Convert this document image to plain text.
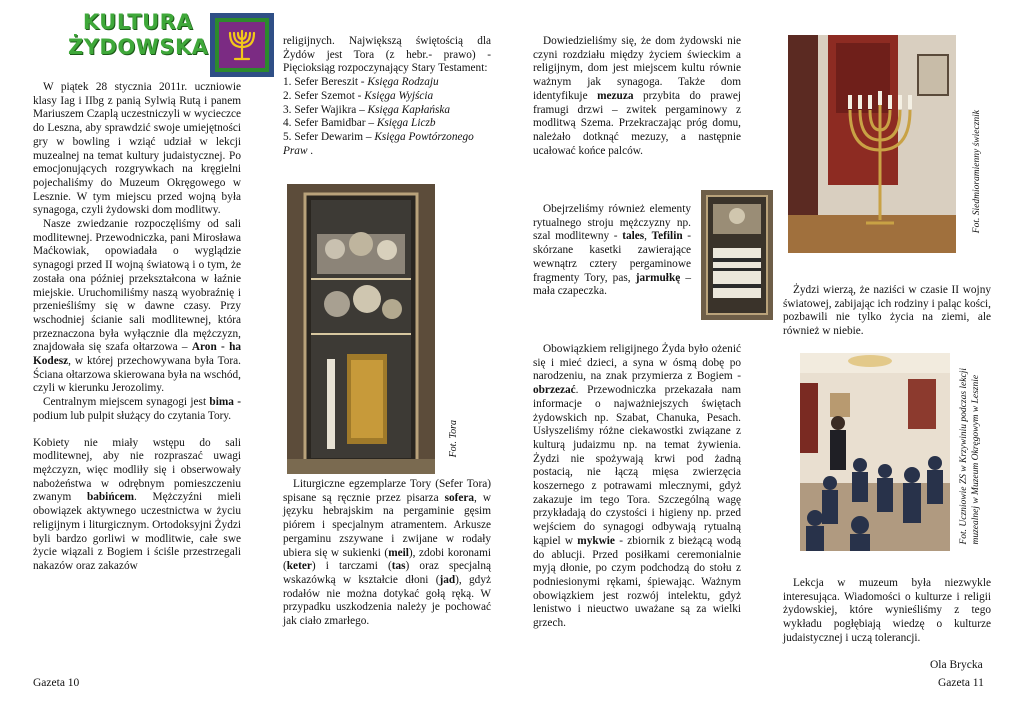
KULTURA
ŻYDOWSKA

W piątek 28 stycznia 2011r. uczniowie klasy Iag i IIbg z panią Sylwią Rutą i panem Mariuszem Czaplą uczestniczyli w wycieczce do Leszna, aby sprawdzić swoje umiejętności gry w bowling i wziąć udział w lekcji muzealnej na temat kultury judaistycznej. Po emocjonujących rozgrywkach na kręgielni pojechaliśmy do Muzeum Okręgowego w Lesznie. W tym miejscu przed wojną była synagoga, czyli żydowski dom modlitwy.

Nasze zwiedzanie rozpoczęliśmy od sali modlitewnej. Przewodniczka, pani Mirosława Maćkowiak, opowiadała o wyglądzie synagogi przed II wojną światową i o tym, że została ona później przekształcona w łaźnie miejskie. Uruchomiliśmy naszą wyobraźnię i przenieśliśmy się w dawne czasy. Przy wschodniej ścianie sali modlitewnej, która przeznaczona była wyłącznie dla mężczyzn, znajdowała się szafa ołtarzowa – Aron - ha Kodesz, w której przechowywana była Tora. Ściana ołtarzowa skierowana była na wschód, czyli w kierunku Jerozolimy.

Centralnym miejscem synagogi jest bima - podium lub pulpit służący do czytania Tory.

Kobiety nie miały wstępu do sali modlitewnej, aby nie rozpraszać uwagi mężczyzn, więc modliły się i obserwowały nabożeństwa w odrębnym pomieszczeniu zwanym babińcem. Mężczyźni mieli obowiązek aktywnego uczestnictwa w życiu religijnym i liturgicznym. Ortodoksyjni Żydzi byli bardzo gorliwi w modlitwie, całe swe życie wiązali z Bogiem i ściśle przestrzegali nakazów oraz zakazów

religijnych. Największą świętością dla Żydów jest Tora (z hebr.- prawo) - Pięcioksiąg rozpoczynający Stary Testament:

1. Sefer Bereszit - Księga Rodzaju
2. Sefer Szemot - Księga Wyjścia
3. Sefer Wajikra – Księga Kapłańska
4. Sefer Bamidbar – Księga Liczb
5. Sefer Dewarim – Księga Powtórzonego Praw .
Fot. Tora

Liturgiczne egzemplarze Tory (Sefer Tora) spisane są ręcznie przez pisarza sofera, w języku hebrajskim na pergaminie gęsim piórem i specjalnym atramentem. Arkusze pergaminu zszywane i zwijane w rodały ubiera się w sukienki (meil), zdobi koronami (keter) i tarczami (tas) oraz specjalną wskazówką w kształcie dłoni (jad), gdyż rodałów nie można dotykać gołą ręką. W przypadku uszkodzenia należy je pochować jak ciało zmarłego.

Dowiedzieliśmy się, że dom żydowski nie czyni rozdziału między życiem świeckim a religijnym, dom jest miejscem kultu równie ważnym jak synagoga. Także dom identyfikuje mezuza przybita do prawej framugi drzwi – zwitek pergaminowy z modlitwą Szema. Przekraczając próg domu, należało dotknąć mezuzy, a następnie ucałować końce palców.

Obejrzeliśmy również elementy rytualnego stroju mężczyzny np. szal modlitewny - tales, Tefilin - skórzane kasetki zawierające wewnątrz cztery pergaminowe fragmenty Tory, pas, jarmułkę – mała czapeczka.

Obowiązkiem religijnego Żyda było ożenić się i mieć dzieci, a syna w ósmą dobę po narodzeniu, na znak przymierza z Bogiem - obrzezać. Przewodniczka przekazała nam informacje o najważniejszych świętach żydowskich np. Szabat, Chanuka, Pesach. Usłyszeliśmy różne ciekawostki związane z kulturą judaizmu np. na temat żywienia. Żydzi nie spożywają krwi pod żadną postacią, nie łączą mięsa zwierzęcia koszernego z potrawami mlecznymi, gdyż zakazuje im tego Tora. Szczególną wagę przykładają do czystości i higieny np. przed wejściem do synagogi odbywają rytualną kąpiel w mykwie - zbiornik z bieżącą wodą do ablucji. Przed posiłkami ceremonialnie myją dłonie, po czym podchodzą do stołu z podniesionymi rękami, śpiewając. Ważnym obowiązkiem jest rozwój intelektu, gdyż lenistwo i nieuctwo uważane są za wielki grzech.

Fot. Siedmioramienny świecznik

Żydzi wierzą, że naziści w czasie II wojny światowej, zabijając ich rodziny i paląc kości, pozbawili nie tylko życia na ziemi, ale również w niebie.

Fot. Uczniowie ZS w Krzywiniu podczas lekcji muzealnej w Muzeum Okręgowym w Lesznie

Lekcja w muzeum była niezwykle interesująca. Wiadomości o kulturze i religii żydowskiej, które wynieśliśmy z tego wykładu pogłębiają wiedzę o kulturze judaistycznej i uczą tolerancji.

Ola Brycka
Gazeta 10	Gazeta 11
